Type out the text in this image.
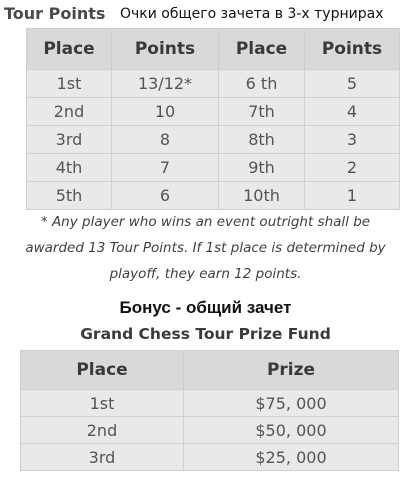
Tour Points Очки общего зачета в 3-х турнирах
Place	Points	Place	Points
1st	13/12*	6 th	5
2nd	10	7th	4
3rd	8	8th	3
4th	7	9th	2
5th	6	10th	1
* Any player who wins an event outright shall be
awarded 13 Tour Points. If 1st place is determined by
playoff, they earn 12 points.
Бонус - общий зачет
Grand Chess Tour Prize Fund
Place	Prize
1st	$75, 000
2nd	$50, 000
3rd	$25, 000
